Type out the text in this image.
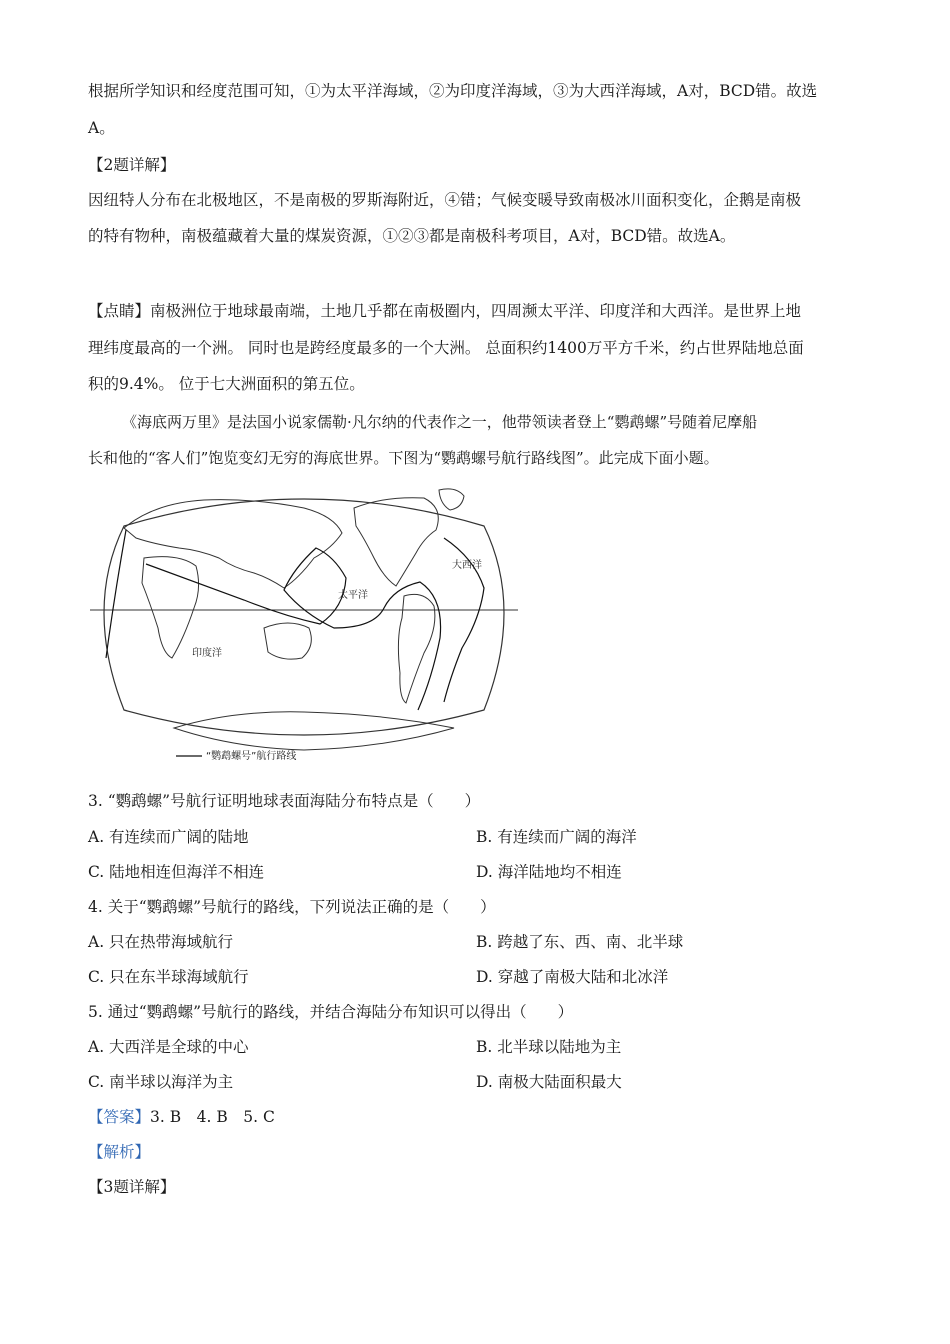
根据所学知识和经度范围可知，①为太平洋海域，②为印度洋海域，③为大西洋海域，A对，BCD错。故选
A。
【2题详解】
因纽特人分布在北极地区，不是南极的罗斯海附近，④错；气候变暖导致南极冰川面积变化，企鹅是南极
的特有物种，南极蕴藏着大量的煤炭资源，①②③都是南极科考项目，A对，BCD错。故选A。
【点睛】南极洲位于地球最南端，土地几乎都在南极圈内，四周濒太平洋、印度洋和大西洋。是世界上地
理纬度最高的一个洲。 同时也是跨经度最多的一个大洲。 总面积约1400万平方千米，约占世界陆地总面
积的9.4%。 位于七大洲面积的第五位。
《海底两万里》是法国小说家儒勒·凡尔纳的代表作之一，他带领读者登上“鹦鹉螺”号随着尼摩船
长和他的“客人们”饱览变幻无穷的海底世界。下图为“鹦鹉螺号航行路线图”。此完成下面小题。
太平洋
大西洋
印度洋
“鹦鹉螺号”航行路线
3. “鹦鹉螺”号航行证明地球表面海陆分布特点是（　　）
A. 有连续而广阔的陆地	B. 有连续而广阔的海洋
C. 陆地相连但海洋不相连	D. 海洋陆地均不相连
4. 关于“鹦鹉螺”号航行的路线，下列说法正确的是（　　）
A. 只在热带海域航行	B. 跨越了东、西、南、北半球
C. 只在东半球海域航行	D. 穿越了南极大陆和北冰洋
5. 通过“鹦鹉螺”号航行的路线，并结合海陆分布知识可以得出（　　）
A. 大西洋是全球的中心	B. 北半球以陆地为主
C. 南半球以海洋为主	D. 南极大陆面积最大
【答案】3. B　4. B　5. C
【解析】
【3题详解】
